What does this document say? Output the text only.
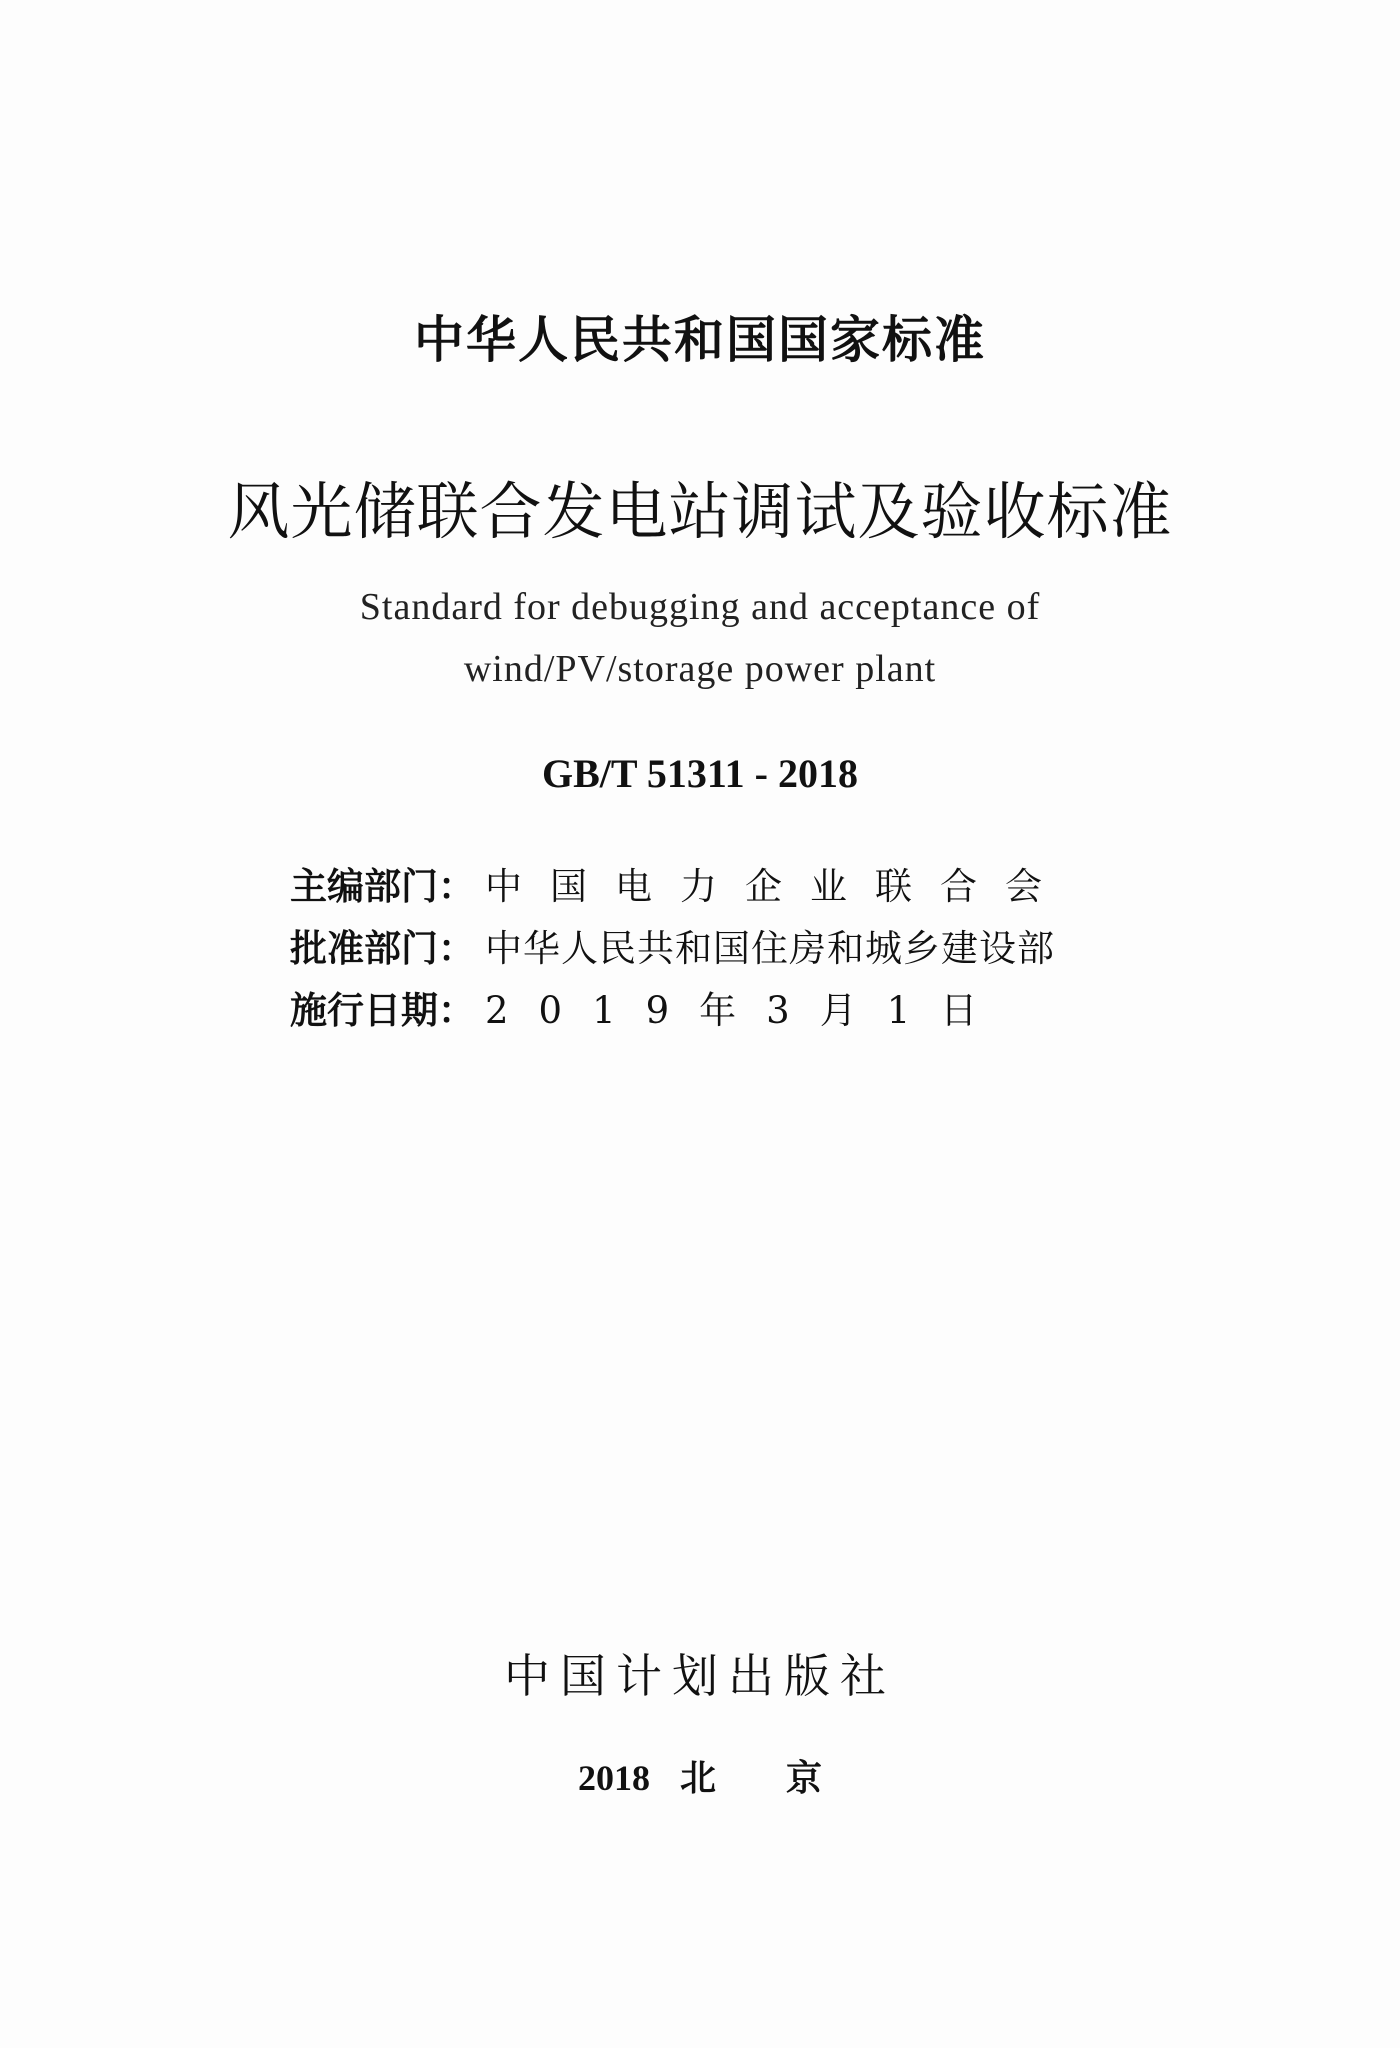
中华人民共和国国家标准
风光储联合发电站调试及验收标准
Standard for debugging and acceptance of
wind/PV/storage power plant
GB/T 51311 - 2018
主编部门： 中国电力企业联合会
批准部门： 中华人民共和国住房和城乡建设部
施行日期： 2019年3月1日
中国计划出版社
2018 北 京
